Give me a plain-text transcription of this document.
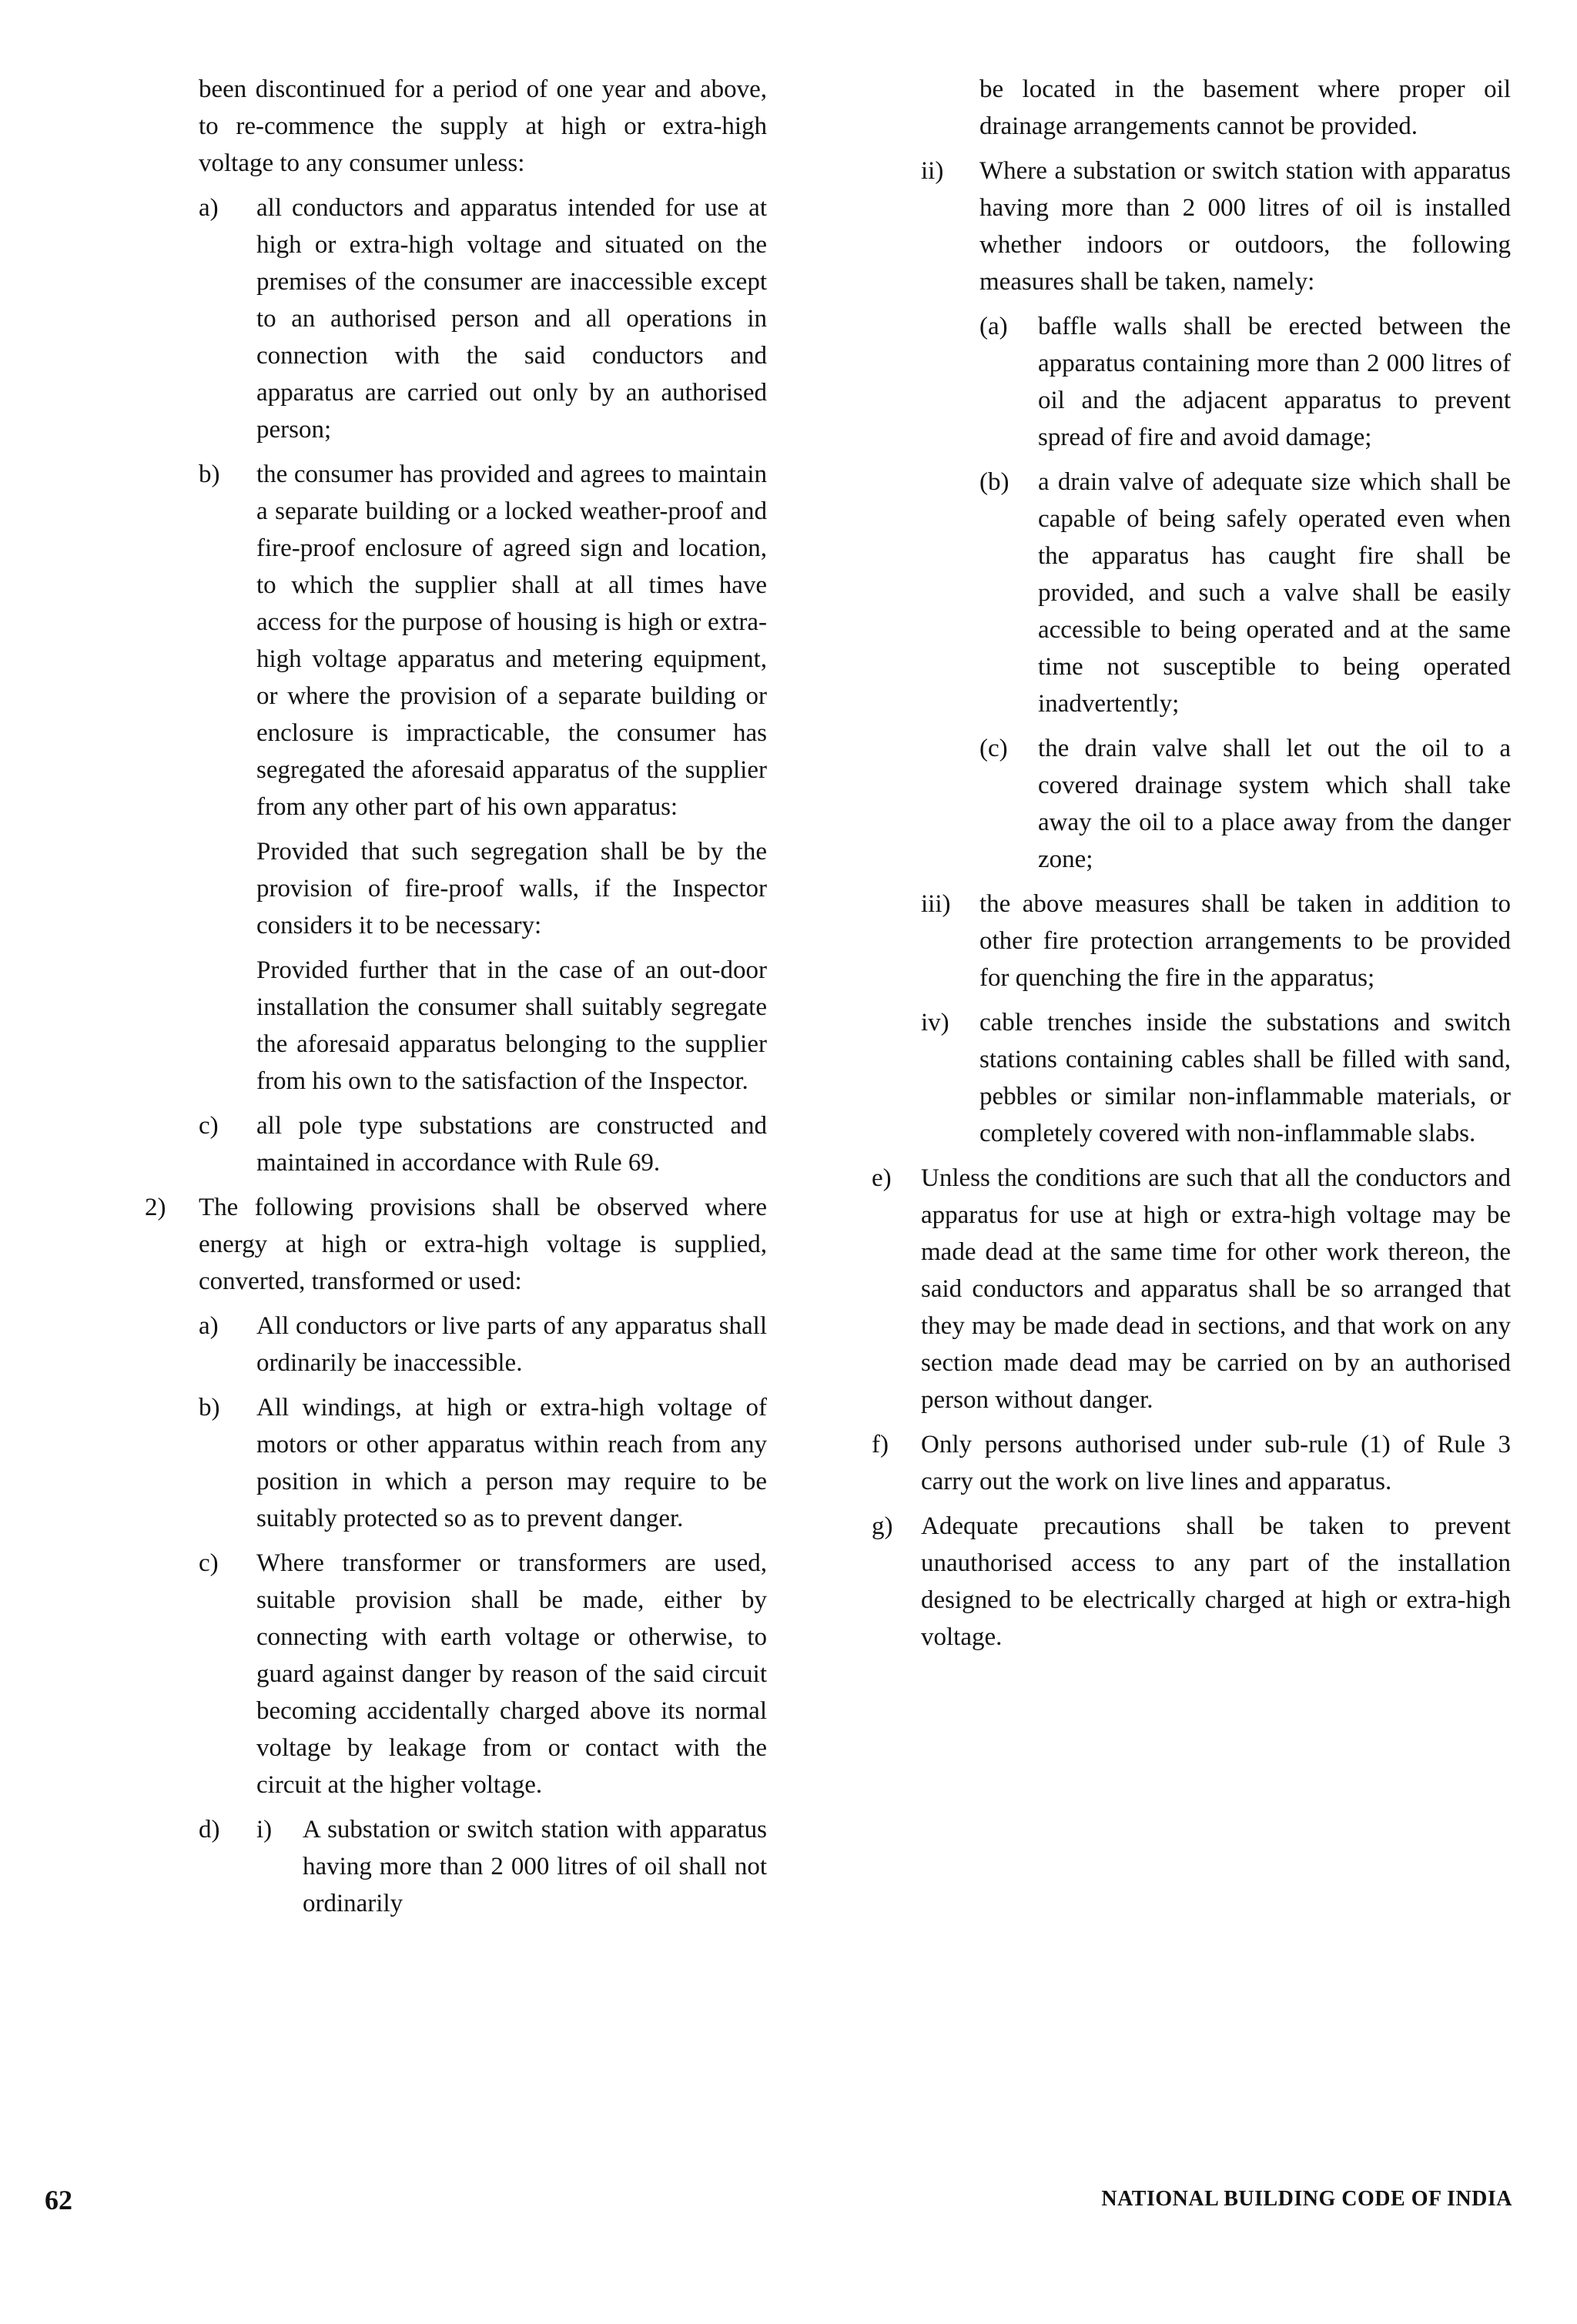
been discontinued for a period of one year and above, to re-commence the supply at high or extra-high voltage to any consumer unless:

a)	all conductors and apparatus intended for use at high or extra-high voltage and situated on the premises of the consumer are inaccessible except to an authorised person and all operations in connection with the said conductors and apparatus are carried out only by an authorised person;
b)	the consumer has provided and agrees to maintain a separate building or a locked weather-proof and fire-proof enclosure of agreed sign and location, to which the supplier shall at all times have access for the purpose of housing is high or extra-high voltage apparatus and metering equipment, or where the provision of a separate building or enclosure is impracticable, the consumer has segregated the aforesaid apparatus of the supplier from any other part of his own apparatus:

Provided that such segregation shall be by the provision of fire-proof walls, if the Inspector considers it to be necessary:

Provided further that in the case of an out-door installation the consumer shall suitably segregate the aforesaid apparatus belonging to the supplier from his own to the satisfaction of the Inspector.

c)	all pole type substations are constructed and maintained in accordance with Rule 69.
2)	The following provisions shall be observed where energy at high or extra-high voltage is supplied, converted, transformed or used:
a)	All conductors or live parts of any apparatus shall ordinarily be inaccessible.
b)	All windings, at high or extra-high voltage of motors or other apparatus within reach from any position in which a person may require to be suitably protected so as to prevent danger.
c)	Where transformer or transformers are used, suitable provision shall be made, either by connecting with earth voltage or otherwise, to guard against danger by reason of the said circuit becoming accidentally charged above its normal voltage by leakage from or contact with the circuit at the higher voltage.
d)	i)	A substation or switch station with apparatus having more than 2 000 litres of oil shall not ordinarily

be located in the basement where proper oil drainage arrangements cannot be provided.

ii)	Where a substation or switch station with apparatus having more than 2 000 litres of oil is installed whether indoors or outdoors, the following measures shall be taken, namely:
(a)	baffle walls shall be erected between the apparatus containing more than 2 000 litres of oil and the adjacent apparatus to prevent spread of fire and avoid damage;
(b)	a drain valve of adequate size which shall be capable of being safely operated even when the apparatus has caught fire shall be provided, and such a valve shall be easily accessible to being operated and at the same time not susceptible to being operated inadvertently;
(c)	the drain valve shall let out the oil to a covered drainage system which shall take away the oil to a place away from the danger zone;
iii)	the above measures shall be taken in addition to other fire protection arrangements to be provided for quenching the fire in the apparatus;
iv)	cable trenches inside the substations and switch stations containing cables shall be filled with sand, pebbles or similar non-inflammable materials, or completely covered with non-inflammable slabs.
e)	Unless the conditions are such that all the conductors and apparatus for use at high or extra-high voltage may be made dead at the same time for other work thereon, the said conductors and apparatus shall be so arranged that they may be made dead in sections, and that work on any section made dead may be carried on by an authorised person without danger.
f)	Only persons authorised under sub-rule (1) of Rule 3 carry out the work on live lines and apparatus.
g)	Adequate precautions shall be taken to prevent unauthorised access to any part of the installation designed to be electrically charged at high or extra-high voltage.
62	NATIONAL BUILDING CODE OF INDIA
